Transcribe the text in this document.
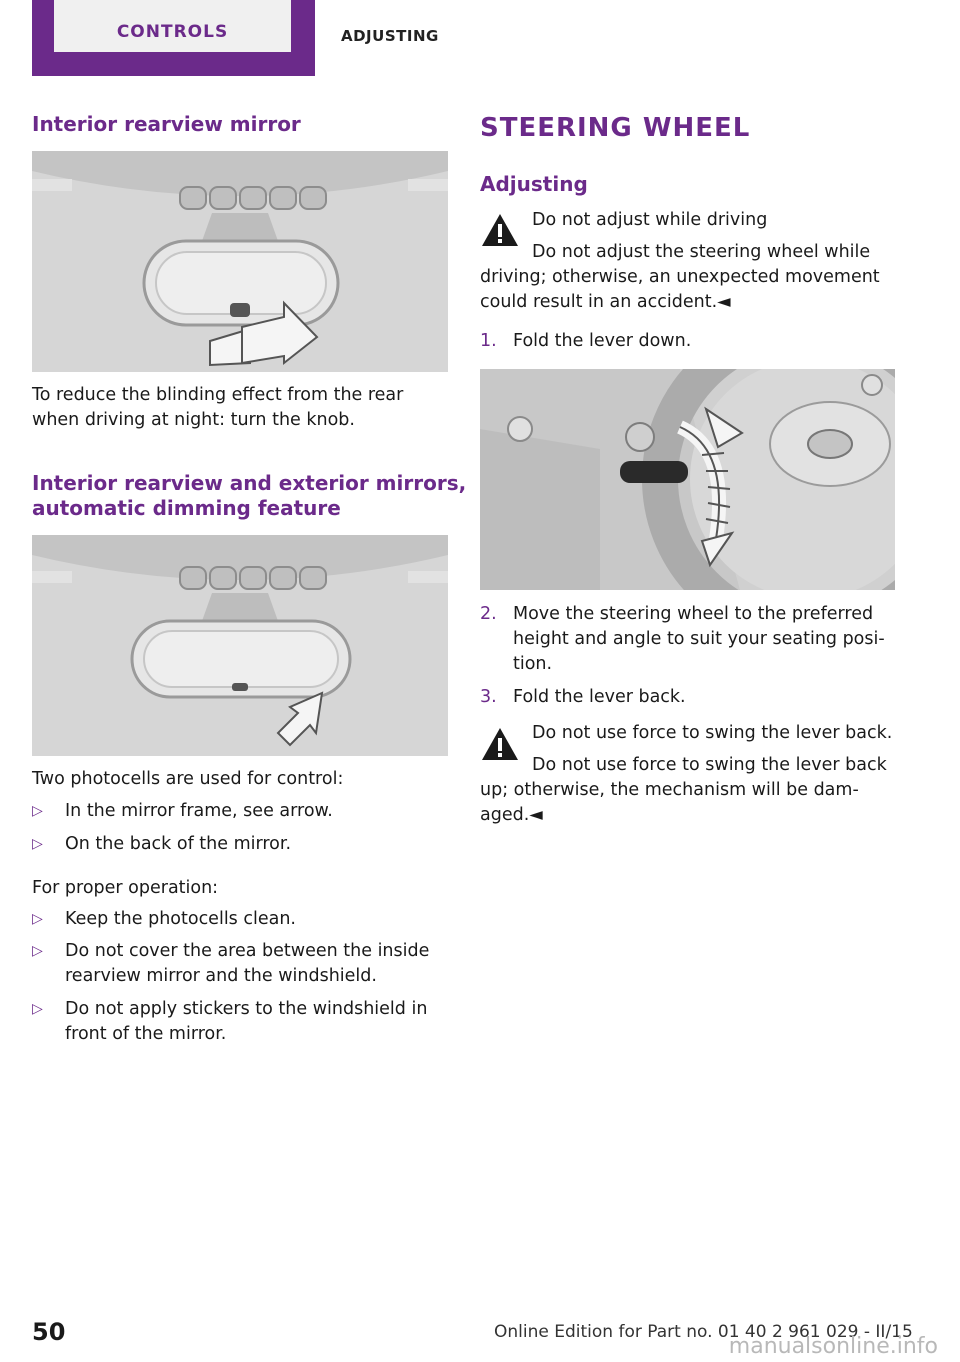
CONTROLS	ADJUSTING
Interior rearview mirror
To reduce the blinding effect from the rear
when driving at night: turn the knob.
Interior rearview and exterior mirrors,
automatic dimming feature
Two photocells are used for control:
▷ In the mirror frame, see arrow.
▷ On the back of the mirror.
For proper operation:
▷ Keep the photocells clean.
▷ Do not cover the area between the inside
rearview mirror and the windshield.
▷ Do not apply stickers to the windshield in
front of the mirror.
STEERING WHEEL
Adjusting
Do not adjust while driving
Do not adjust the steering wheel while
driving; otherwise, an unexpected movement
could result in an accident.◄
1. Fold the lever down.
2. Move the steering wheel to the preferred
height and angle to suit your seating posi‐
tion.
3. Fold the lever back.
Do not use force to swing the lever back.
Do not use force to swing the lever back
up; otherwise, the mechanism will be dam‐
aged.◄
50	Online Edition for Part no. 01 40 2 961 029 - II/15
manualsonline.info
